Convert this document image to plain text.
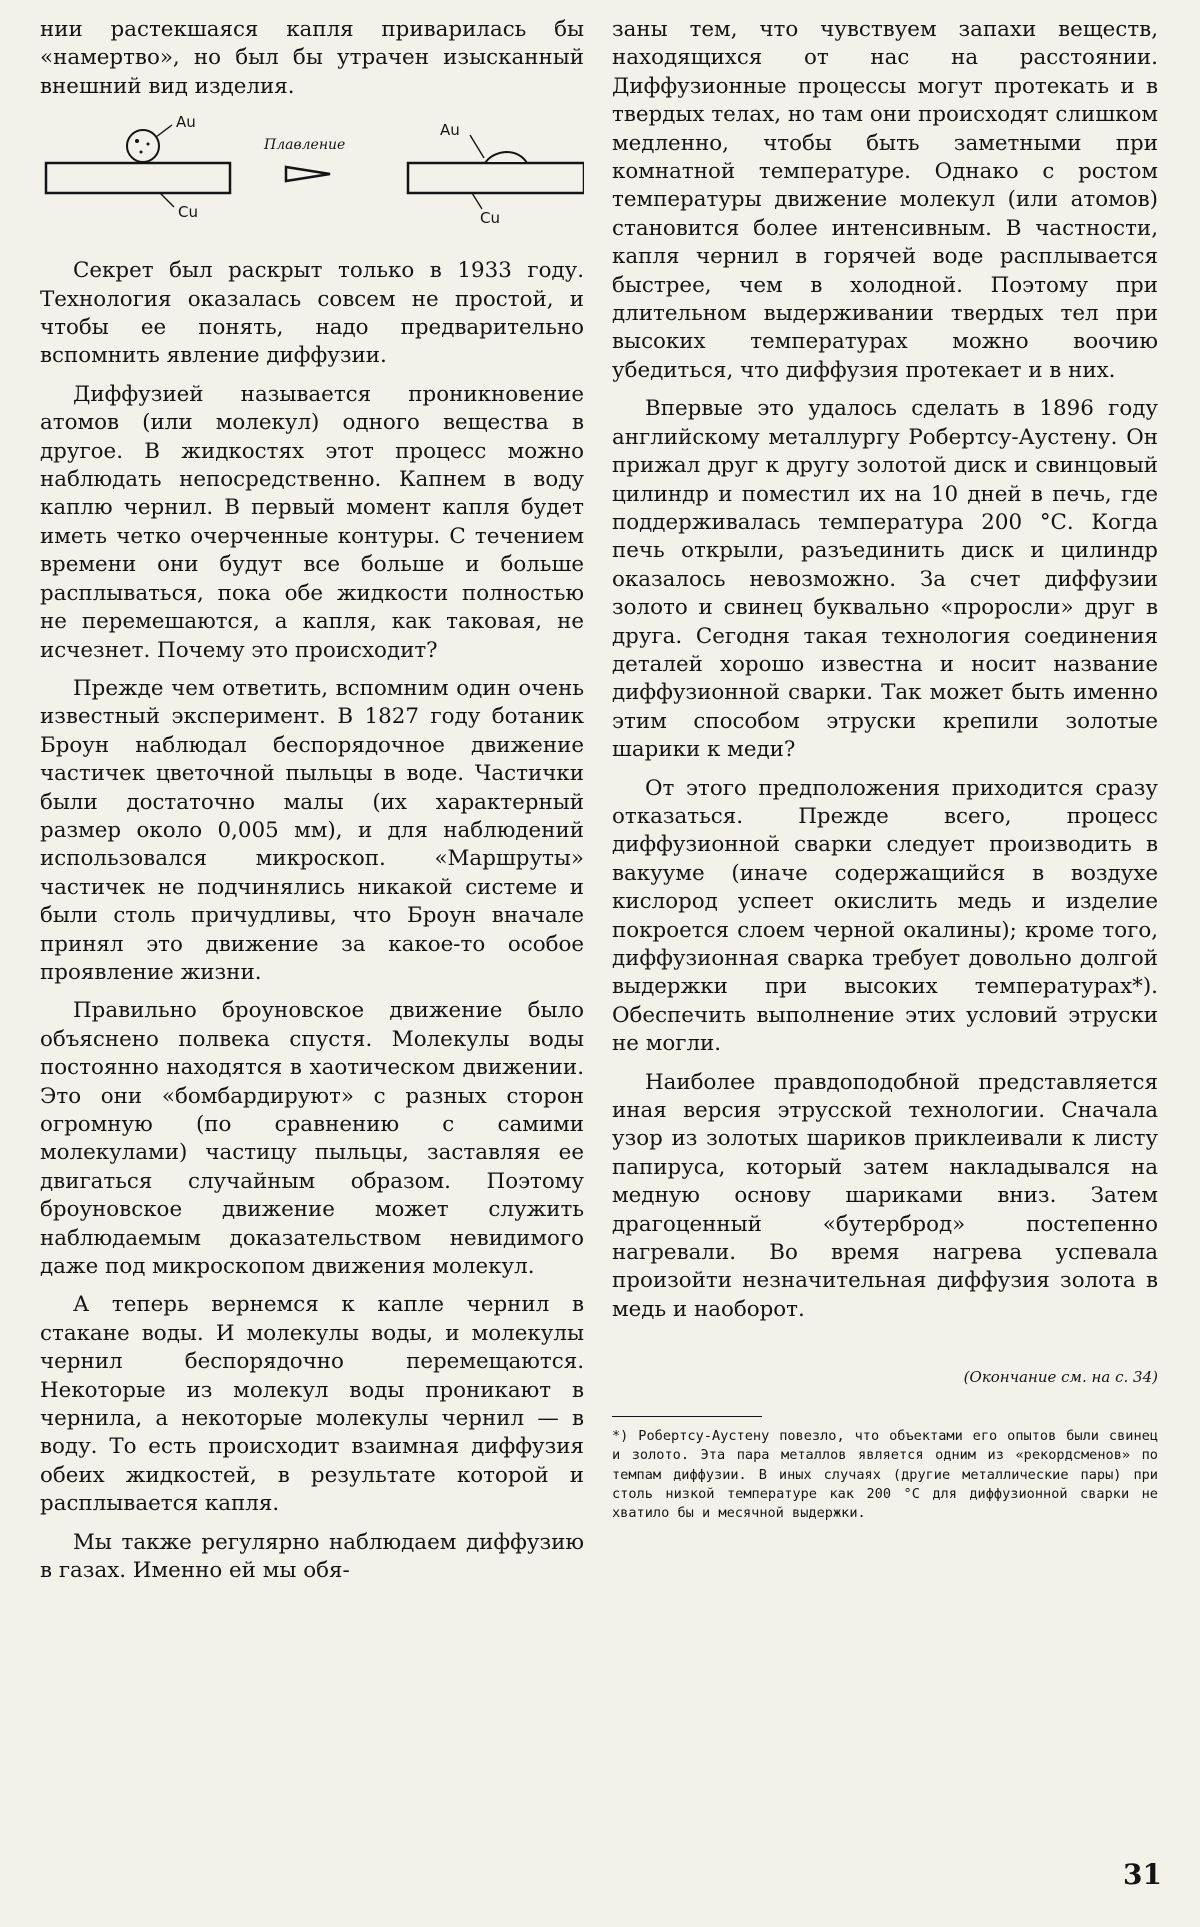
нии растекшаяся капля приварилась бы «намертво», но был бы утрачен изысканный внешний вид изделия.

Au
Cu
Плавление
Au
Cu

Секрет был раскрыт только в 1933 году. Технология оказалась совсем не простой, и чтобы ее понять, надо предварительно вспомнить явление диффузии.

Диффузией называется проникновение атомов (или молекул) одного вещества в другое. В жидкостях этот процесс можно наблюдать непосредственно. Капнем в воду каплю чернил. В первый момент капля будет иметь четко очерченные контуры. С течением времени они будут все больше и больше расплываться, пока обе жидкости полностью не перемешаются, а капля, как таковая, не исчезнет. Почему это происходит?

Прежде чем ответить, вспомним один очень известный эксперимент. В 1827 году ботаник Броун наблюдал беспорядочное движение частичек цветочной пыльцы в воде. Частички были достаточно малы (их характерный размер около 0,005 мм), и для наблюдений использовался микроскоп. «Маршруты» частичек не подчинялись никакой системе и были столь причудливы, что Броун вначале принял это движение за какое-то особое проявление жизни.

Правильно броуновское движение было объяснено полвека спустя. Молекулы воды постоянно находятся в хаотическом движении. Это они «бомбардируют» с разных сторон огромную (по сравнению с самими молекулами) частицу пыльцы, заставляя ее двигаться случайным образом. Поэтому броуновское движение может служить наблюдаемым доказательством невидимого даже под микроскопом движения молекул.

А теперь вернемся к капле чернил в стакане воды. И молекулы воды, и молекулы чернил беспорядочно перемещаются. Некоторые из молекул воды проникают в чернила, а некоторые молекулы чернил — в воду. То есть происходит взаимная диффузия обеих жидкостей, в результате которой и расплывается капля.

Мы также регулярно наблюдаем диффузию в газах. Именно ей мы обя-

заны тем, что чувствуем запахи веществ, находящихся от нас на расстоянии. Диффузионные процессы могут протекать и в твердых телах, но там они происходят слишком медленно, чтобы быть заметными при комнатной температуре. Однако с ростом температуры движение молекул (или атомов) становится более интенсивным. В частности, капля чернил в горячей воде расплывается быстрее, чем в холодной. Поэтому при длительном выдерживании твердых тел при высоких температурах можно воочию убедиться, что диффузия протекает и в них.

Впервые это удалось сделать в 1896 году английскому металлургу Робертсу-Аустену. Он прижал друг к другу золотой диск и свинцовый цилиндр и поместил их на 10 дней в печь, где поддерживалась температура 200 °С. Когда печь открыли, разъединить диск и цилиндр оказалось невозможно. За счет диффузии золото и свинец буквально «проросли» друг в друга. Сегодня такая технология соединения деталей хорошо известна и носит название диффузионной сварки. Так может быть именно этим способом этруски крепили золотые шарики к меди?

От этого предположения приходится сразу отказаться. Прежде всего, процесс диффузионной сварки следует производить в вакууме (иначе содержащийся в воздухе кислород успеет окислить медь и изделие покроется слоем черной окалины); кроме того, диффузионная сварка требует довольно долгой выдержки при высоких температурах*). Обеспечить выполнение этих условий этруски не могли.

Наиболее правдоподобной представляется иная версия этрусской технологии. Сначала узор из золотых шариков приклеивали к листу папируса, который затем накладывался на медную основу шариками вниз. Затем драгоценный «бутерброд» постепенно нагревали. Во время нагрева успевала произойти незначительная диффузия золота в медь и наоборот.

(Окончание см. на с. 34)

*) Робертсу-Аустену повезло, что объектами его опытов были свинец и золото. Эта пара металлов является одним из «рекордсменов» по темпам диффузии. В иных случаях (другие металлические пары) при столь низкой температуре как 200 °С для диффузионной сварки не хватило бы и месячной выдержки.

31
